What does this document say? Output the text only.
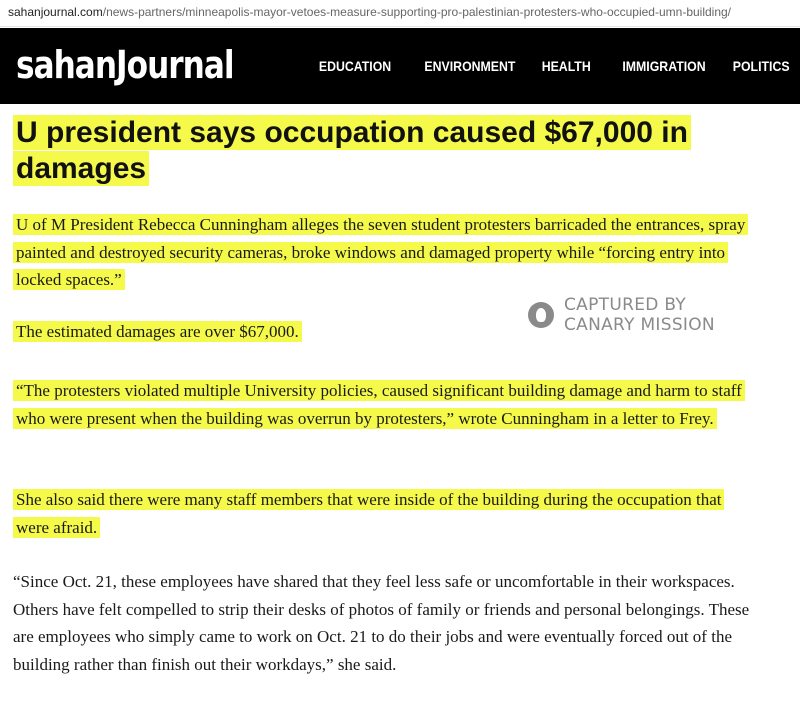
sahanjournal.com/news-partners/minneapolis-mayor-vetoes-measure-supporting-pro-palestinian-protesters-who-occupied-umn-building/
sahanJournal	EDUCATION ENVIRONMENT HEALTH IMMIGRATION POLITICS
U president says occupation caused $67,000 in damages

U of M President Rebecca Cunningham alleges the seven student protesters barricaded the entrances, spray painted and destroyed security cameras, broke windows and damaged property while “forcing entry into locked spaces.”

CAPTURED BY
CANARY MISSION

The estimated damages are over $67,000.

“The protesters violated multiple University policies, caused significant building damage and harm to staff who were present when the building was overrun by protesters,” wrote Cunningham in a letter to Frey.

She also said there were many staff members that were inside of the building during the occupation that were afraid.

“Since Oct. 21, these employees have shared that they feel less safe or uncomfortable in their workspaces. Others have felt compelled to strip their desks of photos of family or friends and personal belongings. These are employees who simply came to work on Oct. 21 to do their jobs and were eventually forced out of the building rather than finish out their workdays,” she said.
